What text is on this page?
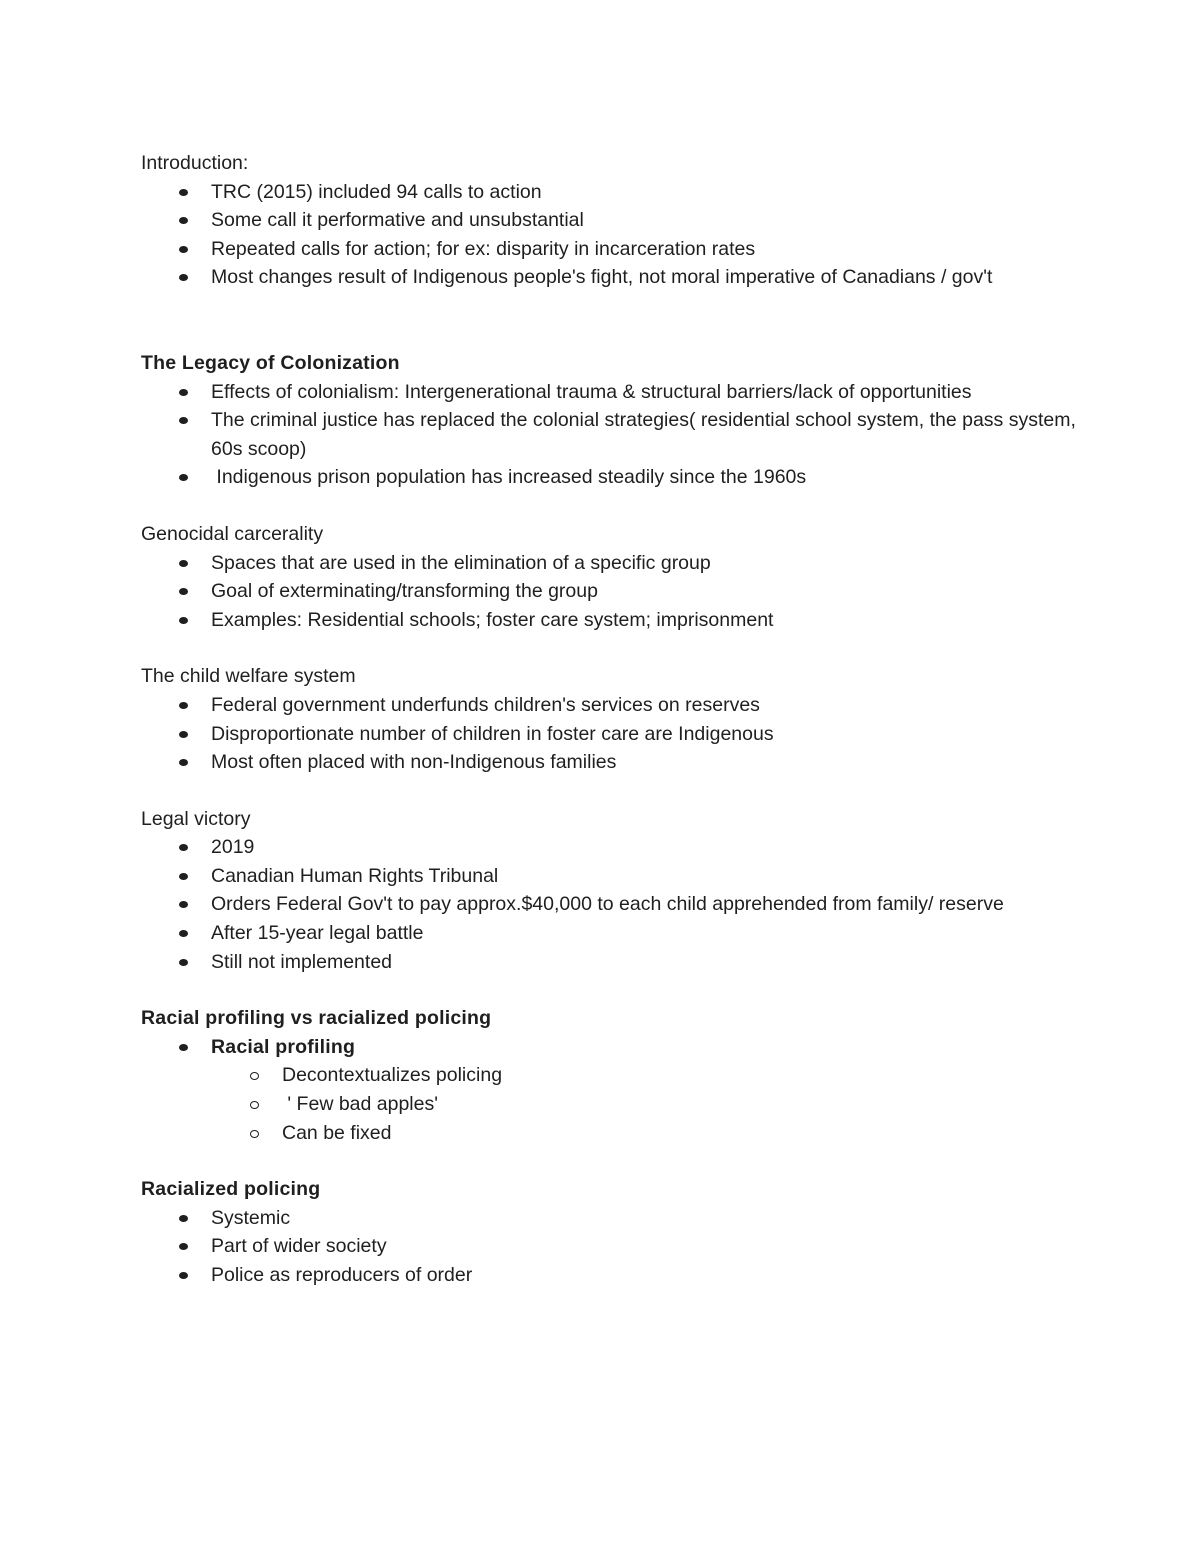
Introduction:

TRC (2015) included 94 calls to action
Some call it performative and unsubstantial
Repeated calls for action; for ex: disparity in incarceration rates
Most changes result of Indigenous people's fight, not moral imperative of Canadians / gov't

The Legacy of Colonization

Effects of colonialism: Intergenerational trauma & structural barriers/lack of opportunities
The criminal justice has replaced the colonial strategies( residential school system, the pass system, 60s scoop)
Indigenous prison population has increased steadily since the 1960s

Genocidal carcerality

Spaces that are used in the elimination of a specific group
Goal of exterminating/transforming the group
Examples: Residential schools; foster care system; imprisonment

The child welfare system

Federal government underfunds children's services on reserves
Disproportionate number of children in foster care are Indigenous
Most often placed with non-Indigenous families

Legal victory

2019
Canadian Human Rights Tribunal
Orders Federal Gov't to pay approx.$40,000 to each child apprehended from family/ reserve
After 15-year legal battle
Still not implemented

Racial profiling vs racialized policing

Racial profiling
Decontextualizes policing
' Few bad apples'
Can be fixed

Racialized policing

Systemic
Part of wider society
Police as reproducers of order
